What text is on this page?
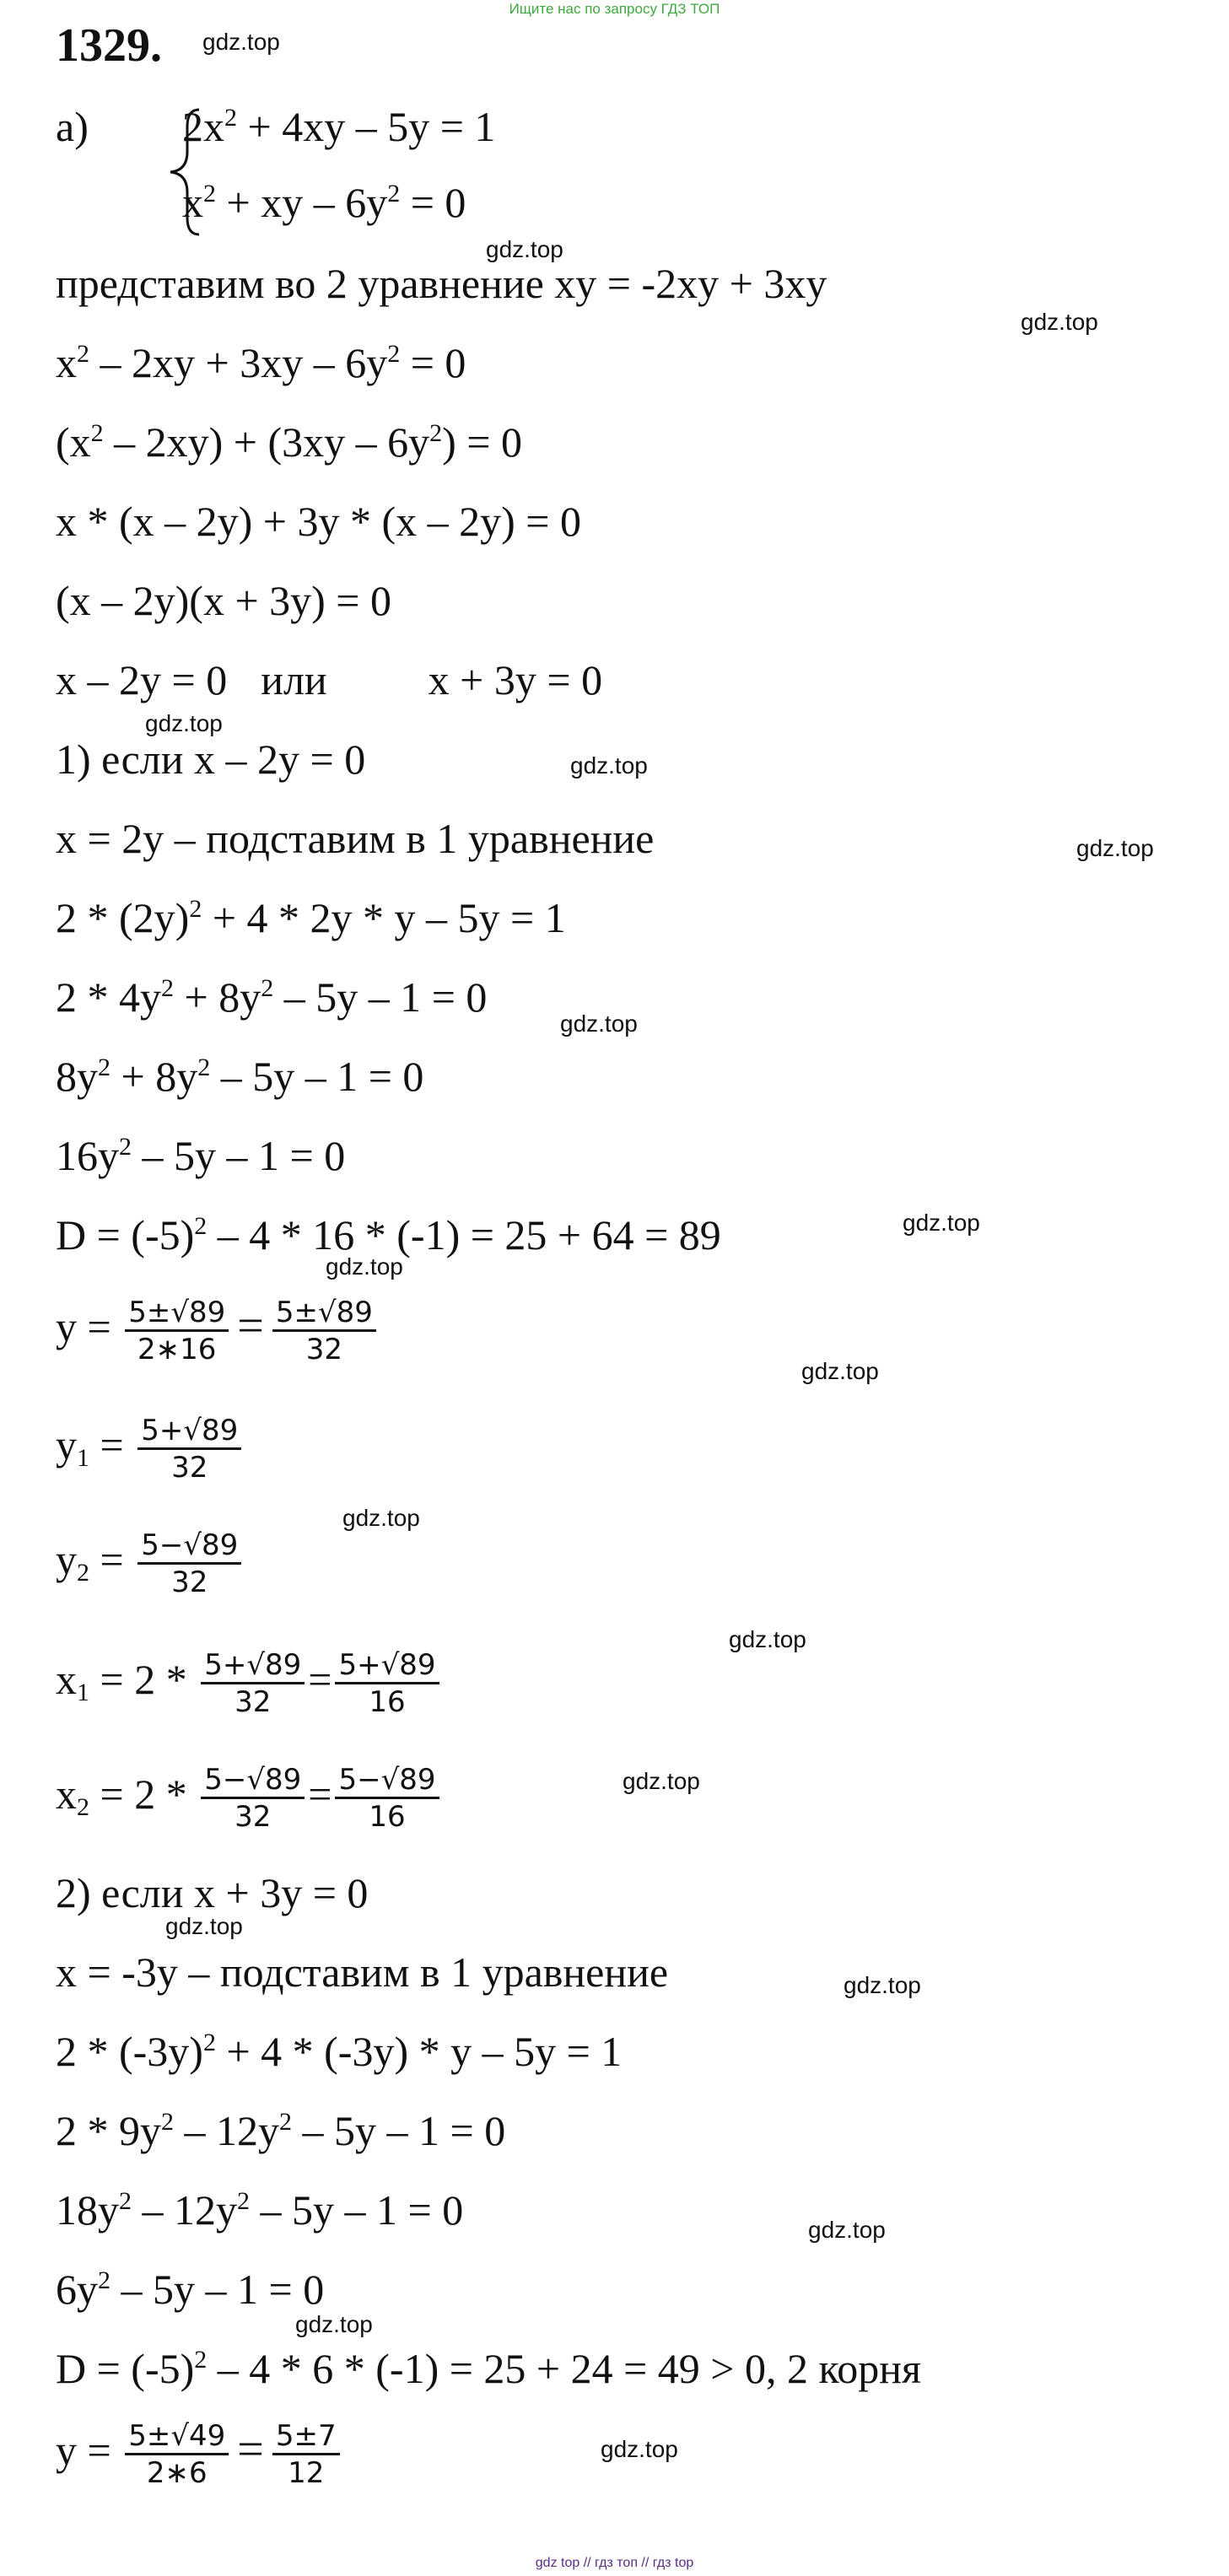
Ищите нас по запросу ГДЗ ТОП
1329. gdz.top
а) $2x^2 + 4xy - 5y = 1$
$x^2$ + xy – $6y^2 = 0$
gdz.top
представим во 2 уравнение xy = -2xy + 3xy
gdz.top
$x^2 - 2xy + 3xy - 6y^2 = 0$
$(x^2 - 2xy) + (3xy - 6y^2) = 0$
x * (x – 2y) + 3y * (x – 2y) = 0
(x – 2y)(x + 3y) = 0
x – 2y = 0 или x + 3y = 0
gdz.top
1) если x – 2y = 0	gdz.top
x = 2y – подставим в 1 уравнение	gdz.top
$2 * (2y)^2 + 4 * 2y * y - 5y = 1$
$2 * 4y^2 + 8y^2 - 5y - 1 = 0$
gdz.top
$8y^2 + 8y^2 - 5y - 1 = 0$
$16y^2 - 5y - 1 = 0$
$D = (-5)^2 - 4 * 16 * (-1) = 25 + 64 = 89$	gdz.top
gdz.top
$y = \frac{5\pm√89}{2∗16} = \frac{5\pm√89}{32}$
gdz.top
$y_1 = \frac{5+√89}{32}$
gdz.top
$y_2 = \frac{5-√89}{32}$
gdz.top
$x_1 = 2 * \frac{5+√89}{32} = \frac{5+√89}{16}$
gdz.top
$x_2 = 2 * \frac{5-√89}{32} = \frac{5-√89}{16}$
2) если x + 3y = 0
gdz.top
x = -3y – подставим в 1 уравнение	gdz.top
$2 * (-3y)^2 + 4 * (-3y) * y - 5y = 1$
$2 * 9y^2 - 12y^2 - 5y - 1 = 0$
$18y^2 - 12y^2 - 5y - 1 = 0$	gdz.top
$6y^2 - 5y - 1 = 0$
gdz.top
$D = (-5)^2 - 4 * 6 * (-1) = 25 + 24 = 49 > 0$, 2 корня
$y = \frac{5\pm√49}{2∗6} = \frac{5\pm 7}{12}$	gdz.top
gdz top // гдз топ // гдз top
